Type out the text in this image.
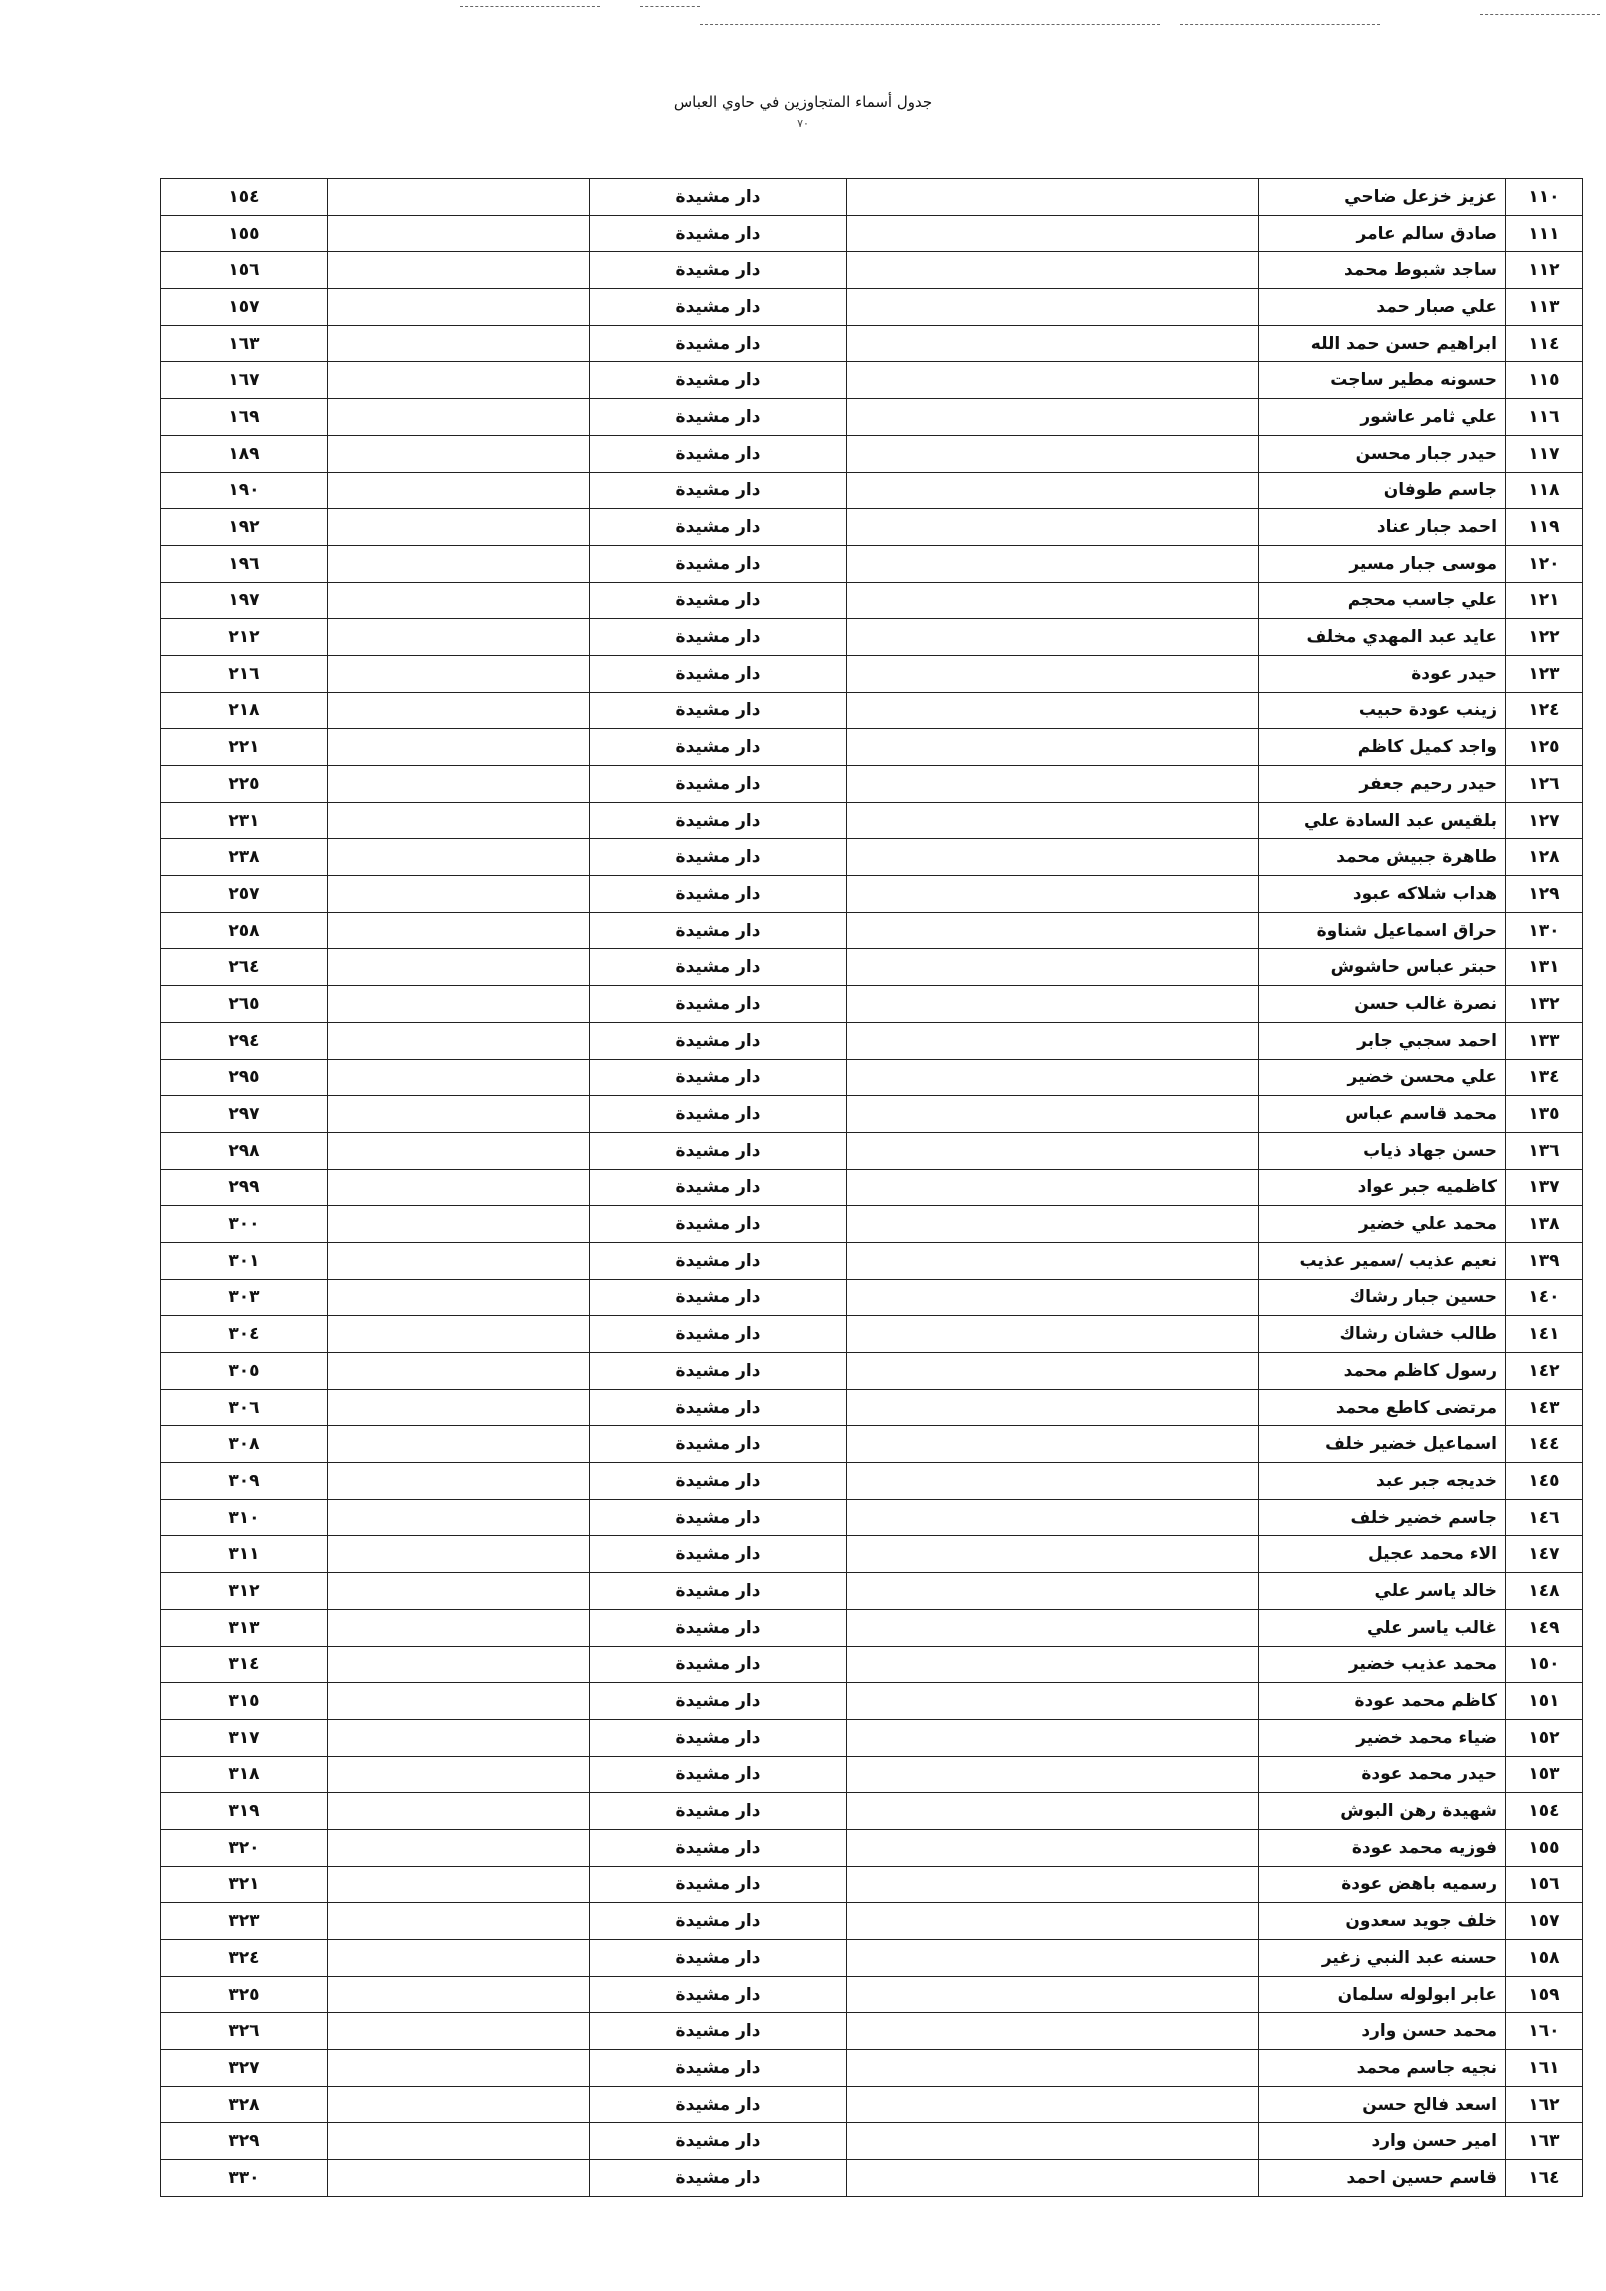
جدول أسماء المتجاوزين في حاوي العباس
٧٠
١٥٤		دار مشيدة		عزيز خزعل ضاحي	١١٠
١٥٥		دار مشيدة		صادق سالم عامر	١١١
١٥٦		دار مشيدة		ساجد شبوط محمد	١١٢
١٥٧		دار مشيدة		علي صبار حمد	١١٣
١٦٣		دار مشيدة		ابراهيم حسن حمد الله	١١٤
١٦٧		دار مشيدة		حسونه مطير ساجت	١١٥
١٦٩		دار مشيدة		علي ثامر عاشور	١١٦
١٨٩		دار مشيدة		حيدر جبار محسن	١١٧
١٩٠		دار مشيدة		جاسم طوفان	١١٨
١٩٢		دار مشيدة		احمد جبار عناد	١١٩
١٩٦		دار مشيدة		موسى جبار مسير	١٢٠
١٩٧		دار مشيدة		علي جاسب محجم	١٢١
٢١٢		دار مشيدة		عايد عبد المهدي مخلف	١٢٢
٢١٦		دار مشيدة		حيدر عودة	١٢٣
٢١٨		دار مشيدة		زينب عودة حبيب	١٢٤
٢٢١		دار مشيدة		واجد كميل كاظم	١٢٥
٢٢٥		دار مشيدة		حيدر رحيم جعفر	١٢٦
٢٣١		دار مشيدة		بلقيس عبد السادة علي	١٢٧
٢٣٨		دار مشيدة		طاهرة جبيش محمد	١٢٨
٢٥٧		دار مشيدة		هداب شلاكه عبود	١٢٩
٢٥٨		دار مشيدة		حراق اسماعيل شناوة	١٣٠
٢٦٤		دار مشيدة		حبتر عباس حاشوش	١٣١
٢٦٥		دار مشيدة		نصرة غالب حسن	١٣٢
٢٩٤		دار مشيدة		احمد سجبي جابر	١٣٣
٢٩٥		دار مشيدة		علي محسن خضير	١٣٤
٢٩٧		دار مشيدة		محمد قاسم عباس	١٣٥
٢٩٨		دار مشيدة		حسن جهاد ذياب	١٣٦
٢٩٩		دار مشيدة		كاظميه جبر عواد	١٣٧
٣٠٠		دار مشيدة		محمد علي خضير	١٣٨
٣٠١		دار مشيدة		نعيم عذيب /سمير عذيب	١٣٩
٣٠٣		دار مشيدة		حسين جبار رشاك	١٤٠
٣٠٤		دار مشيدة		طالب خشان رشاك	١٤١
٣٠٥		دار مشيدة		رسول كاظم محمد	١٤٢
٣٠٦		دار مشيدة		مرتضى كاطع محمد	١٤٣
٣٠٨		دار مشيدة		اسماعيل خضير خلف	١٤٤
٣٠٩		دار مشيدة		خديجه جبر عبد	١٤٥
٣١٠		دار مشيدة		جاسم خضير خلف	١٤٦
٣١١		دار مشيدة		الاء محمد عجيل	١٤٧
٣١٢		دار مشيدة		خالد ياسر علي	١٤٨
٣١٣		دار مشيدة		غالب ياسر علي	١٤٩
٣١٤		دار مشيدة		محمد عذيب خضير	١٥٠
٣١٥		دار مشيدة		كاظم محمد عودة	١٥١
٣١٧		دار مشيدة		ضياء محمد خضير	١٥٢
٣١٨		دار مشيدة		حيدر محمد عودة	١٥٣
٣١٩		دار مشيدة		شهيدة رهن البوش	١٥٤
٣٢٠		دار مشيدة		فوزيه محمد عودة	١٥٥
٣٢١		دار مشيدة		رسميه باهض عودة	١٥٦
٣٢٣		دار مشيدة		خلف جويد سعدون	١٥٧
٣٢٤		دار مشيدة		حسنه عبد النبي زغير	١٥٨
٣٢٥		دار مشيدة		عابر ابولوله سلمان	١٥٩
٣٢٦		دار مشيدة		محمد حسن وارد	١٦٠
٣٢٧		دار مشيدة		نجيه جاسم محمد	١٦١
٣٢٨		دار مشيدة		اسعد فالح حسن	١٦٢
٣٢٩		دار مشيدة		امير حسن وارد	١٦٣
٣٣٠		دار مشيدة		قاسم حسين احمد	١٦٤
